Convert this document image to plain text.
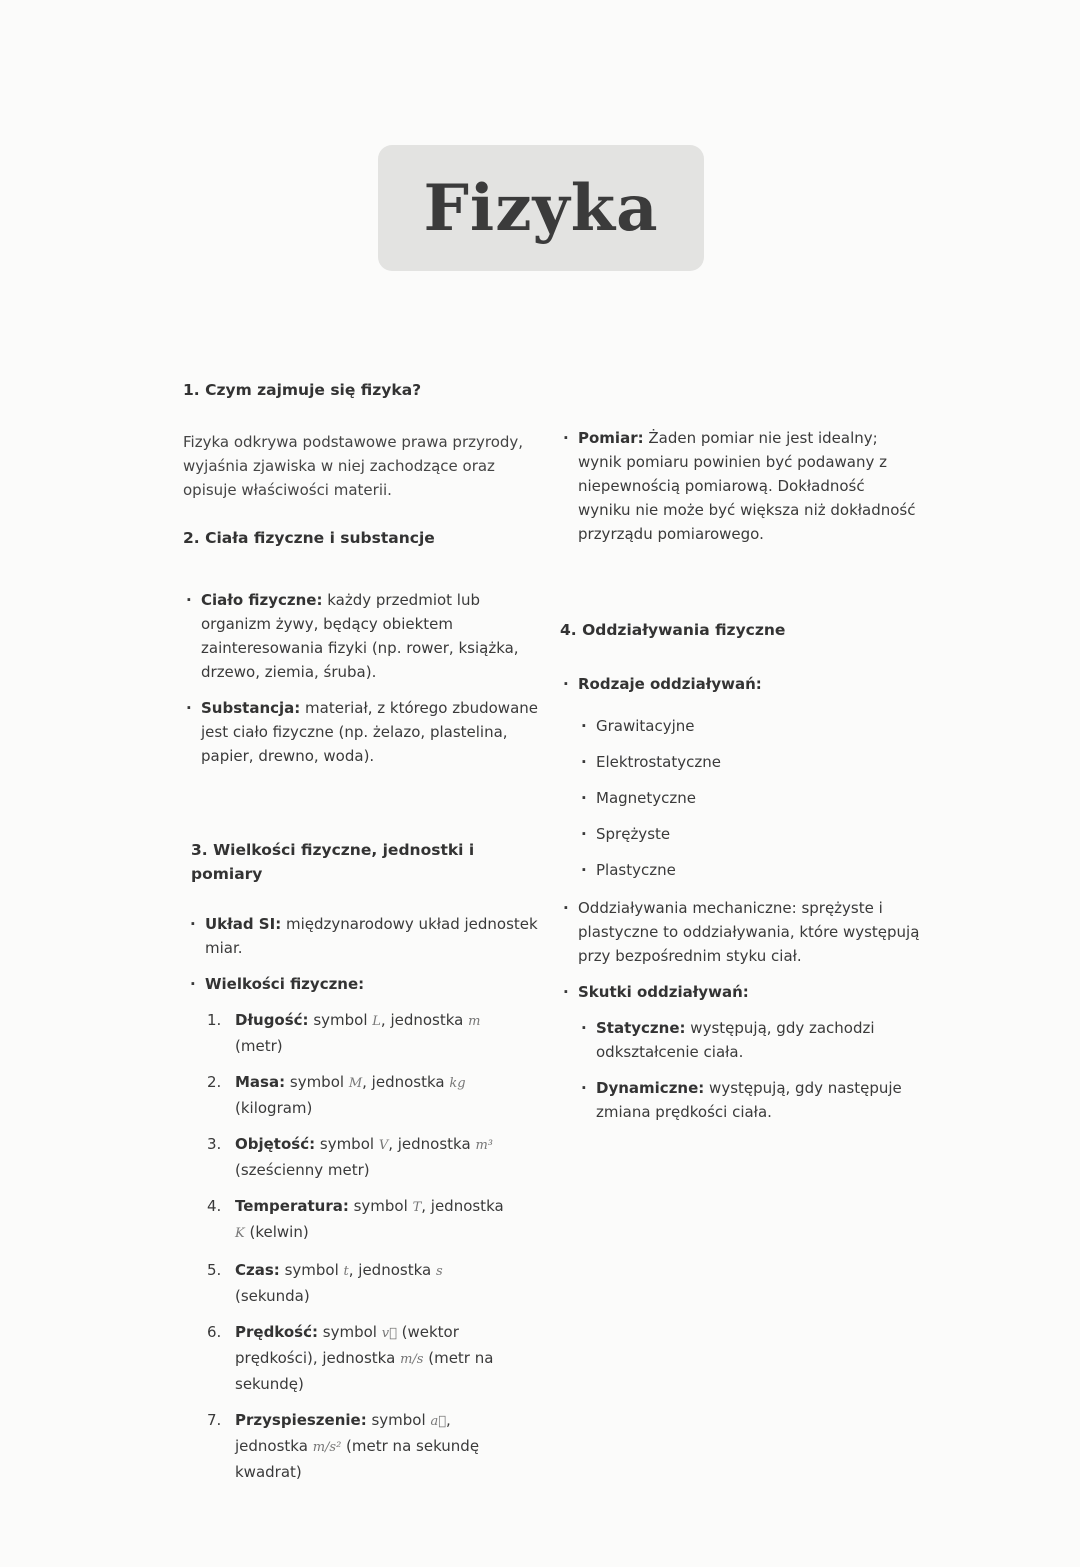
Fizyka

1. Czym zajmuje się fizyka?

Fizyka odkrywa podstawowe prawa przyrody, wyjaśnia zjawiska w niej zachodzące oraz opisuje właściwości materii.

2. Ciała fizyczne i substancje

· Ciało fizyczne: każdy przedmiot lub organizm żywy, będący obiektem zainteresowania fizyki (np. rower, książka, drzewo, ziemia, śruba).
· Substancja: materiał, z którego zbudowane jest ciało fizyczne (np. żelazo, plastelina, papier, drewno, woda).

3. Wielkości fizyczne, jednostki i pomiary

· Układ SI: międzynarodowy układ jednostek miar.
· Wielkości fizyczne:
1. Długość: symbol L, jednostka m (metr)
2. Masa: symbol M, jednostka kg (kilogram)
3. Objętość: symbol V, jednostka m³ (sześcienny metr)
4. Temperatura: symbol T, jednostka K (kelwin)
5. Czas: symbol t, jednostka s (sekunda)
6. Prędkość: symbol v⃗ (wektor prędkości), jednostka m/s (metr na sekundę)
7. Przyspieszenie: symbol a⃗, jednostka m/s² (metr na sekundę kwadrat)
· Pomiar: Żaden pomiar nie jest idealny; wynik pomiaru powinien być podawany z niepewnością pomiarową. Dokładność wyniku nie może być większa niż dokładność przyrządu pomiarowego.

4. Oddziaływania fizyczne

· Rodzaje oddziaływań:
· Grawitacyjne
· Elektrostatyczne
· Magnetyczne
· Sprężyste
· Plastyczne
· Oddziaływania mechaniczne: sprężyste i plastyczne to oddziaływania, które występują przy bezpośrednim styku ciał.
· Skutki oddziaływań:
· Statyczne: występują, gdy zachodzi odkształcenie ciała.
· Dynamiczne: występują, gdy następuje zmiana prędkości ciała.
